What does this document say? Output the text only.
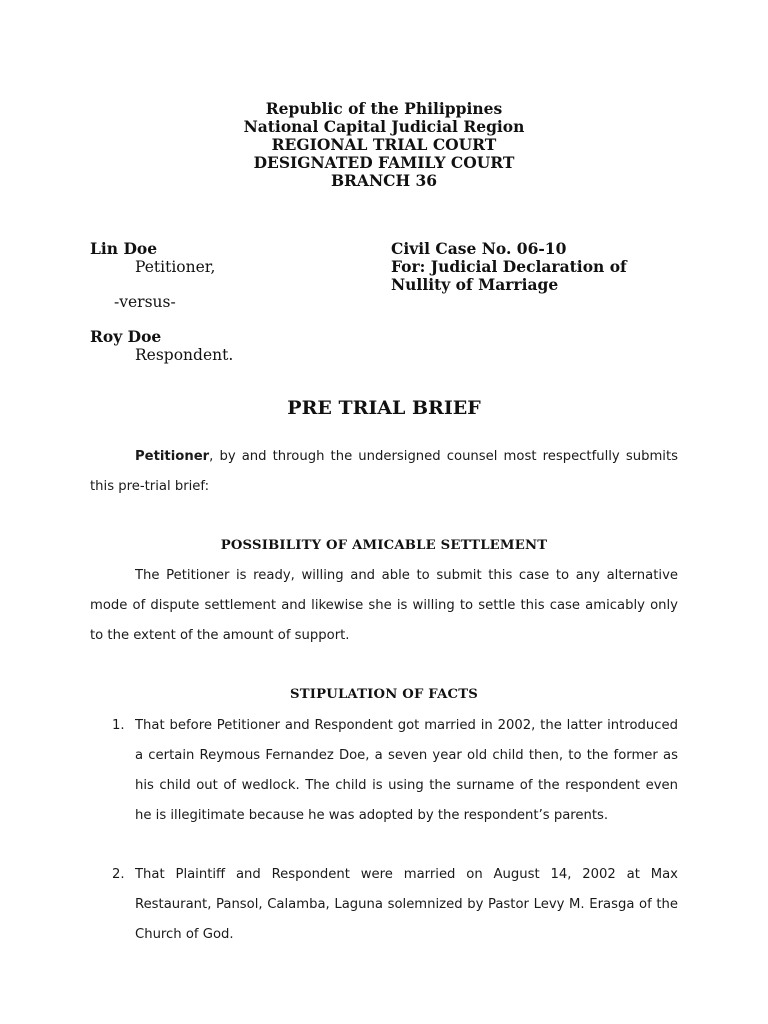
Republic of the Philippines
National Capital Judicial Region
REGIONAL TRIAL COURT
DESIGNATED FAMILY COURT
BRANCH 36
Lin Doe
Petitioner,
-versus-
Roy Doe
Respondent.
Civil Case No. 06-10
For: Judicial Declaration of
Nullity of Marriage
PRE TRIAL BRIEF
Petitioner, by and through the undersigned counsel most respectfully submits this pre-trial brief:
POSSIBILITY OF AMICABLE SETTLEMENT
The Petitioner is ready, willing and able to submit this case to any alternative mode of dispute settlement and likewise she is willing to settle this case amicably only to the extent of the amount of support.
STIPULATION OF FACTS
1. That before Petitioner and Respondent got married in 2002, the latter introduced a certain Reymous Fernandez Doe, a seven year old child then, to the former as his child out of wedlock. The child is using the surname of the respondent even he is illegitimate because he was adopted by the respondent’s parents.
2. That Plaintiff and Respondent were married on August 14, 2002 at Max Restaurant, Pansol, Calamba, Laguna solemnized by Pastor Levy M. Erasga of the Church of God.
